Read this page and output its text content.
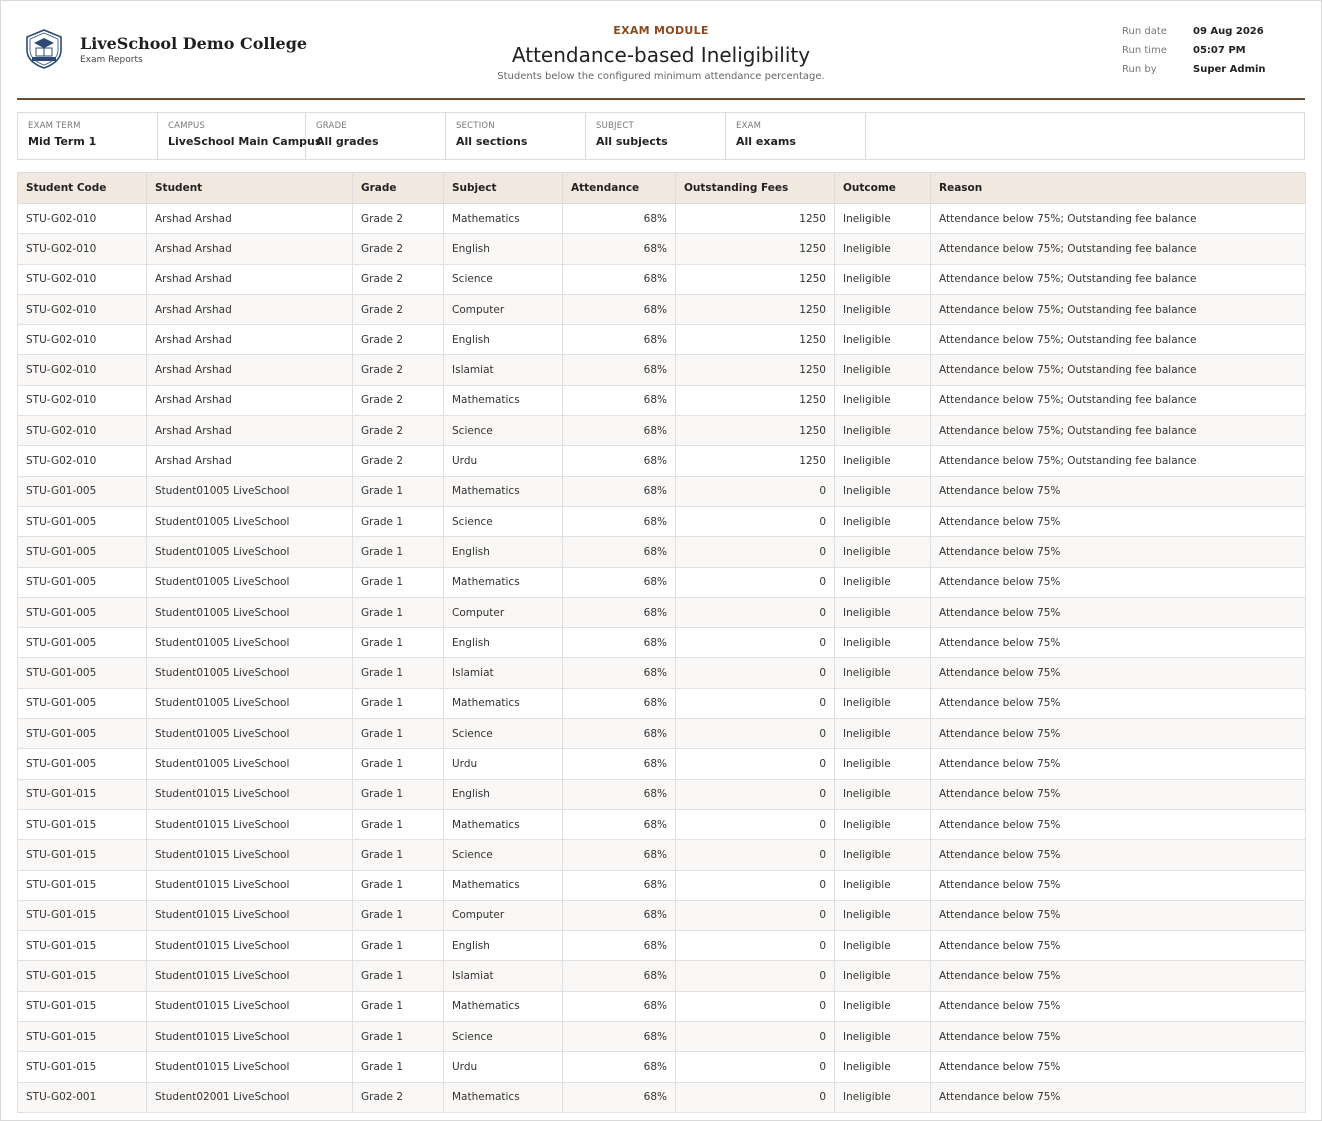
LiveSchool Demo College
Exam Reports
EXAM MODULE
Attendance-based Ineligibility
Students below the configured minimum attendance percentage.
Run date	09 Aug 2026
Run time	05:07 PM
Run by	Super Admin
EXAM TERM
Mid Term 1
CAMPUS
LiveSchool Main Campus
GRADE
All grades
SECTION
All sections
SUBJECT
All subjects
EXAM
All exams
Student Code	Student	Grade	Subject	Attendance	Outstanding Fees	Outcome	Reason
STU-G02-010	Arshad Arshad	Grade 2	Mathematics	68%	1250	Ineligible	Attendance below 75%; Outstanding fee balance
STU-G02-010	Arshad Arshad	Grade 2	English	68%	1250	Ineligible	Attendance below 75%; Outstanding fee balance
STU-G02-010	Arshad Arshad	Grade 2	Science	68%	1250	Ineligible	Attendance below 75%; Outstanding fee balance
STU-G02-010	Arshad Arshad	Grade 2	Computer	68%	1250	Ineligible	Attendance below 75%; Outstanding fee balance
STU-G02-010	Arshad Arshad	Grade 2	English	68%	1250	Ineligible	Attendance below 75%; Outstanding fee balance
STU-G02-010	Arshad Arshad	Grade 2	Islamiat	68%	1250	Ineligible	Attendance below 75%; Outstanding fee balance
STU-G02-010	Arshad Arshad	Grade 2	Mathematics	68%	1250	Ineligible	Attendance below 75%; Outstanding fee balance
STU-G02-010	Arshad Arshad	Grade 2	Science	68%	1250	Ineligible	Attendance below 75%; Outstanding fee balance
STU-G02-010	Arshad Arshad	Grade 2	Urdu	68%	1250	Ineligible	Attendance below 75%; Outstanding fee balance
STU-G01-005	Student01005 LiveSchool	Grade 1	Mathematics	68%	0	Ineligible	Attendance below 75%
STU-G01-005	Student01005 LiveSchool	Grade 1	Science	68%	0	Ineligible	Attendance below 75%
STU-G01-005	Student01005 LiveSchool	Grade 1	English	68%	0	Ineligible	Attendance below 75%
STU-G01-005	Student01005 LiveSchool	Grade 1	Mathematics	68%	0	Ineligible	Attendance below 75%
STU-G01-005	Student01005 LiveSchool	Grade 1	Computer	68%	0	Ineligible	Attendance below 75%
STU-G01-005	Student01005 LiveSchool	Grade 1	English	68%	0	Ineligible	Attendance below 75%
STU-G01-005	Student01005 LiveSchool	Grade 1	Islamiat	68%	0	Ineligible	Attendance below 75%
STU-G01-005	Student01005 LiveSchool	Grade 1	Mathematics	68%	0	Ineligible	Attendance below 75%
STU-G01-005	Student01005 LiveSchool	Grade 1	Science	68%	0	Ineligible	Attendance below 75%
STU-G01-005	Student01005 LiveSchool	Grade 1	Urdu	68%	0	Ineligible	Attendance below 75%
STU-G01-015	Student01015 LiveSchool	Grade 1	English	68%	0	Ineligible	Attendance below 75%
STU-G01-015	Student01015 LiveSchool	Grade 1	Mathematics	68%	0	Ineligible	Attendance below 75%
STU-G01-015	Student01015 LiveSchool	Grade 1	Science	68%	0	Ineligible	Attendance below 75%
STU-G01-015	Student01015 LiveSchool	Grade 1	Mathematics	68%	0	Ineligible	Attendance below 75%
STU-G01-015	Student01015 LiveSchool	Grade 1	Computer	68%	0	Ineligible	Attendance below 75%
STU-G01-015	Student01015 LiveSchool	Grade 1	English	68%	0	Ineligible	Attendance below 75%
STU-G01-015	Student01015 LiveSchool	Grade 1	Islamiat	68%	0	Ineligible	Attendance below 75%
STU-G01-015	Student01015 LiveSchool	Grade 1	Mathematics	68%	0	Ineligible	Attendance below 75%
STU-G01-015	Student01015 LiveSchool	Grade 1	Science	68%	0	Ineligible	Attendance below 75%
STU-G01-015	Student01015 LiveSchool	Grade 1	Urdu	68%	0	Ineligible	Attendance below 75%
STU-G02-001	Student02001 LiveSchool	Grade 2	Mathematics	68%	0	Ineligible	Attendance below 75%
